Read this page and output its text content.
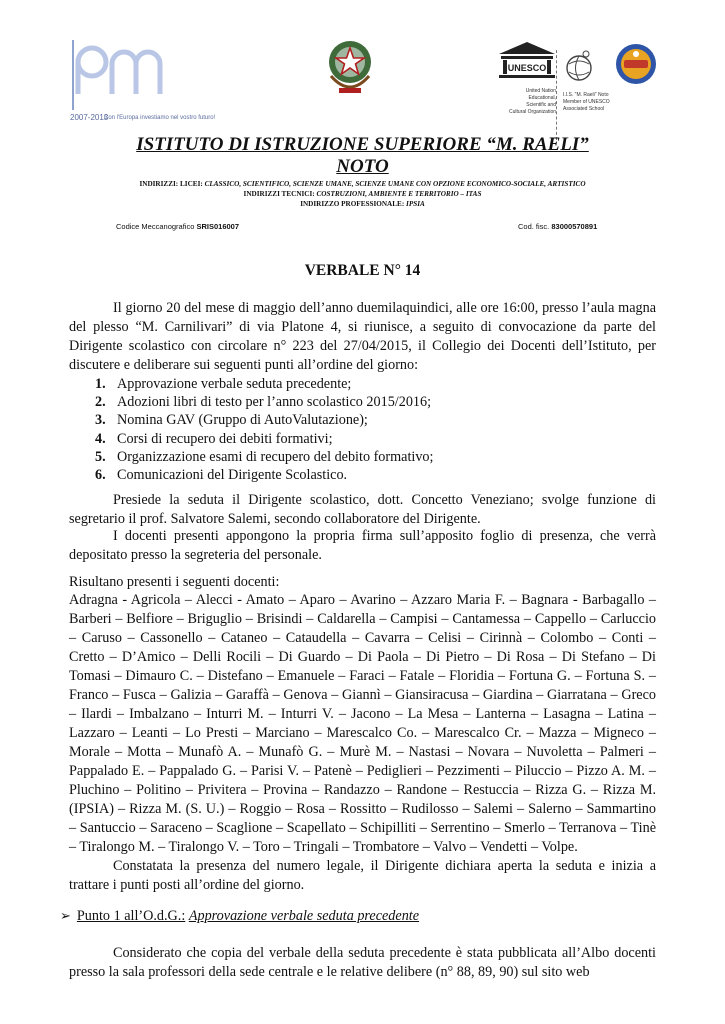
2007-2013
Con l'Europa investiamo nel vostro futuro!
UNESCO
United Nation Educational, Scientific and Cultural Organization
I.I.S. "M. Raeli" Noto Member of UNESCO Associated School
ISTITUTO DI ISTRUZIONE SUPERIORE “M. RAELI”
NOTO
INDIRIZZI: LICEI: CLASSICO, SCIENTIFICO, SCIENZE UMANE, SCIENZE UMANE CON OPZIONE ECONOMICO-SOCIALE, ARTISTICO
INDIRIZZI TECNICI: COSTRUZIONI, AMBIENTE E TERRITORIO – ITAS
INDIRIZZO PROFESSIONALE: IPSIA
Codice Meccanografico SRIS016007	Cod. fisc. 83000570891
VERBALE N° 14
Il giorno 20 del mese di maggio dell’anno duemilaquindici, alle ore 16:00, presso l’aula magna del plesso “M. Carnilivari” di via Platone 4, si riunisce, a seguito di convocazione da parte del Dirigente scolastico con circolare n° 223 del 27/04/2015, il Collegio dei Docenti dell’Istituto, per discutere e deliberare sui seguenti punti all’ordine del giorno:
1. Approvazione verbale seduta precedente;
2. Adozioni libri di testo per l’anno scolastico 2015/2016;
3. Nomina GAV (Gruppo di AutoValutazione);
4. Corsi di recupero dei debiti formativi;
5. Organizzazione esami di recupero del debito formativo;
6. Comunicazioni del Dirigente Scolastico.
Presiede la seduta il Dirigente scolastico, dott. Concetto Veneziano; svolge funzione di segretario il prof. Salvatore Salemi, secondo collaboratore del Dirigente.
I docenti presenti appongono la propria firma sull’apposito foglio di presenza, che verrà depositato presso la segreteria del personale.
Risultano presenti i seguenti docenti:
Adragna - Agricola – Alecci - Amato – Aparo – Avarino – Azzaro Maria F. – Bagnara - Barbagallo – Barberi – Belfiore – Briguglio – Brisindi – Caldarella – Campisi – Cantamessa – Cappello – Carluccio – Caruso – Cassonello – Cataneo – Cataudella – Cavarra – Celisi – Cirinnà – Colombo – Conti – Cretto – D’Amico – Delli Rocili – Di Guardo – Di Paola – Di Pietro – Di Rosa – Di Stefano – Di Tomasi – Dimauro C. – Distefano – Emanuele – Faraci – Fatale – Floridia – Fortuna G. – Fortuna S. – Franco – Fusca – Galizia – Garaffà – Genova – Giannì – Giansiracusa – Giardina – Giarratana – Greco – Ilardi – Imbalzano – Inturri M. – Inturri V. – Jacono – La Mesa – Lanterna – Lasagna – Latina – Lazzaro – Leanti – Lo Presti – Marciano – Marescalco Co. – Marescalco Cr. – Mazza – Migneco – Morale – Motta – Munafò A. – Munafò G. – Murè M. – Nastasi – Novara – Nuvoletta – Palmeri – Pappalado E. – Pappalado G. – Parisi V. – Patenè – Pediglieri – Pezzimenti – Piluccio – Pizzo A. M. – Pluchino – Politino – Privitera – Provina – Randazzo – Randone – Restuccia – Rizza G. – Rizza M. (IPSIA) – Rizza M. (S. U.) – Roggio – Rosa – Rossitto – Rudilosso – Salemi – Salerno – Sammartino – Santuccio – Saraceno – Scaglione – Scapellato – Schipilliti – Serrentino – Smerlo – Terranova – Tinè – Tiralongo M. – Tiralongo V. – Toro – Tringali – Trombatore – Valvo – Vendetti – Volpe.
Constatata la presenza del numero legale, il Dirigente dichiara aperta la seduta e inizia a trattare i punti posti all’ordine del giorno.
➢ Punto 1 all’O.d.G.: Approvazione verbale seduta precedente
Considerato che copia del verbale della seduta precedente è stata pubblicata all’Albo docenti presso la sala professori della sede centrale e le relative delibere (n° 88, 89, 90) sul sito web
